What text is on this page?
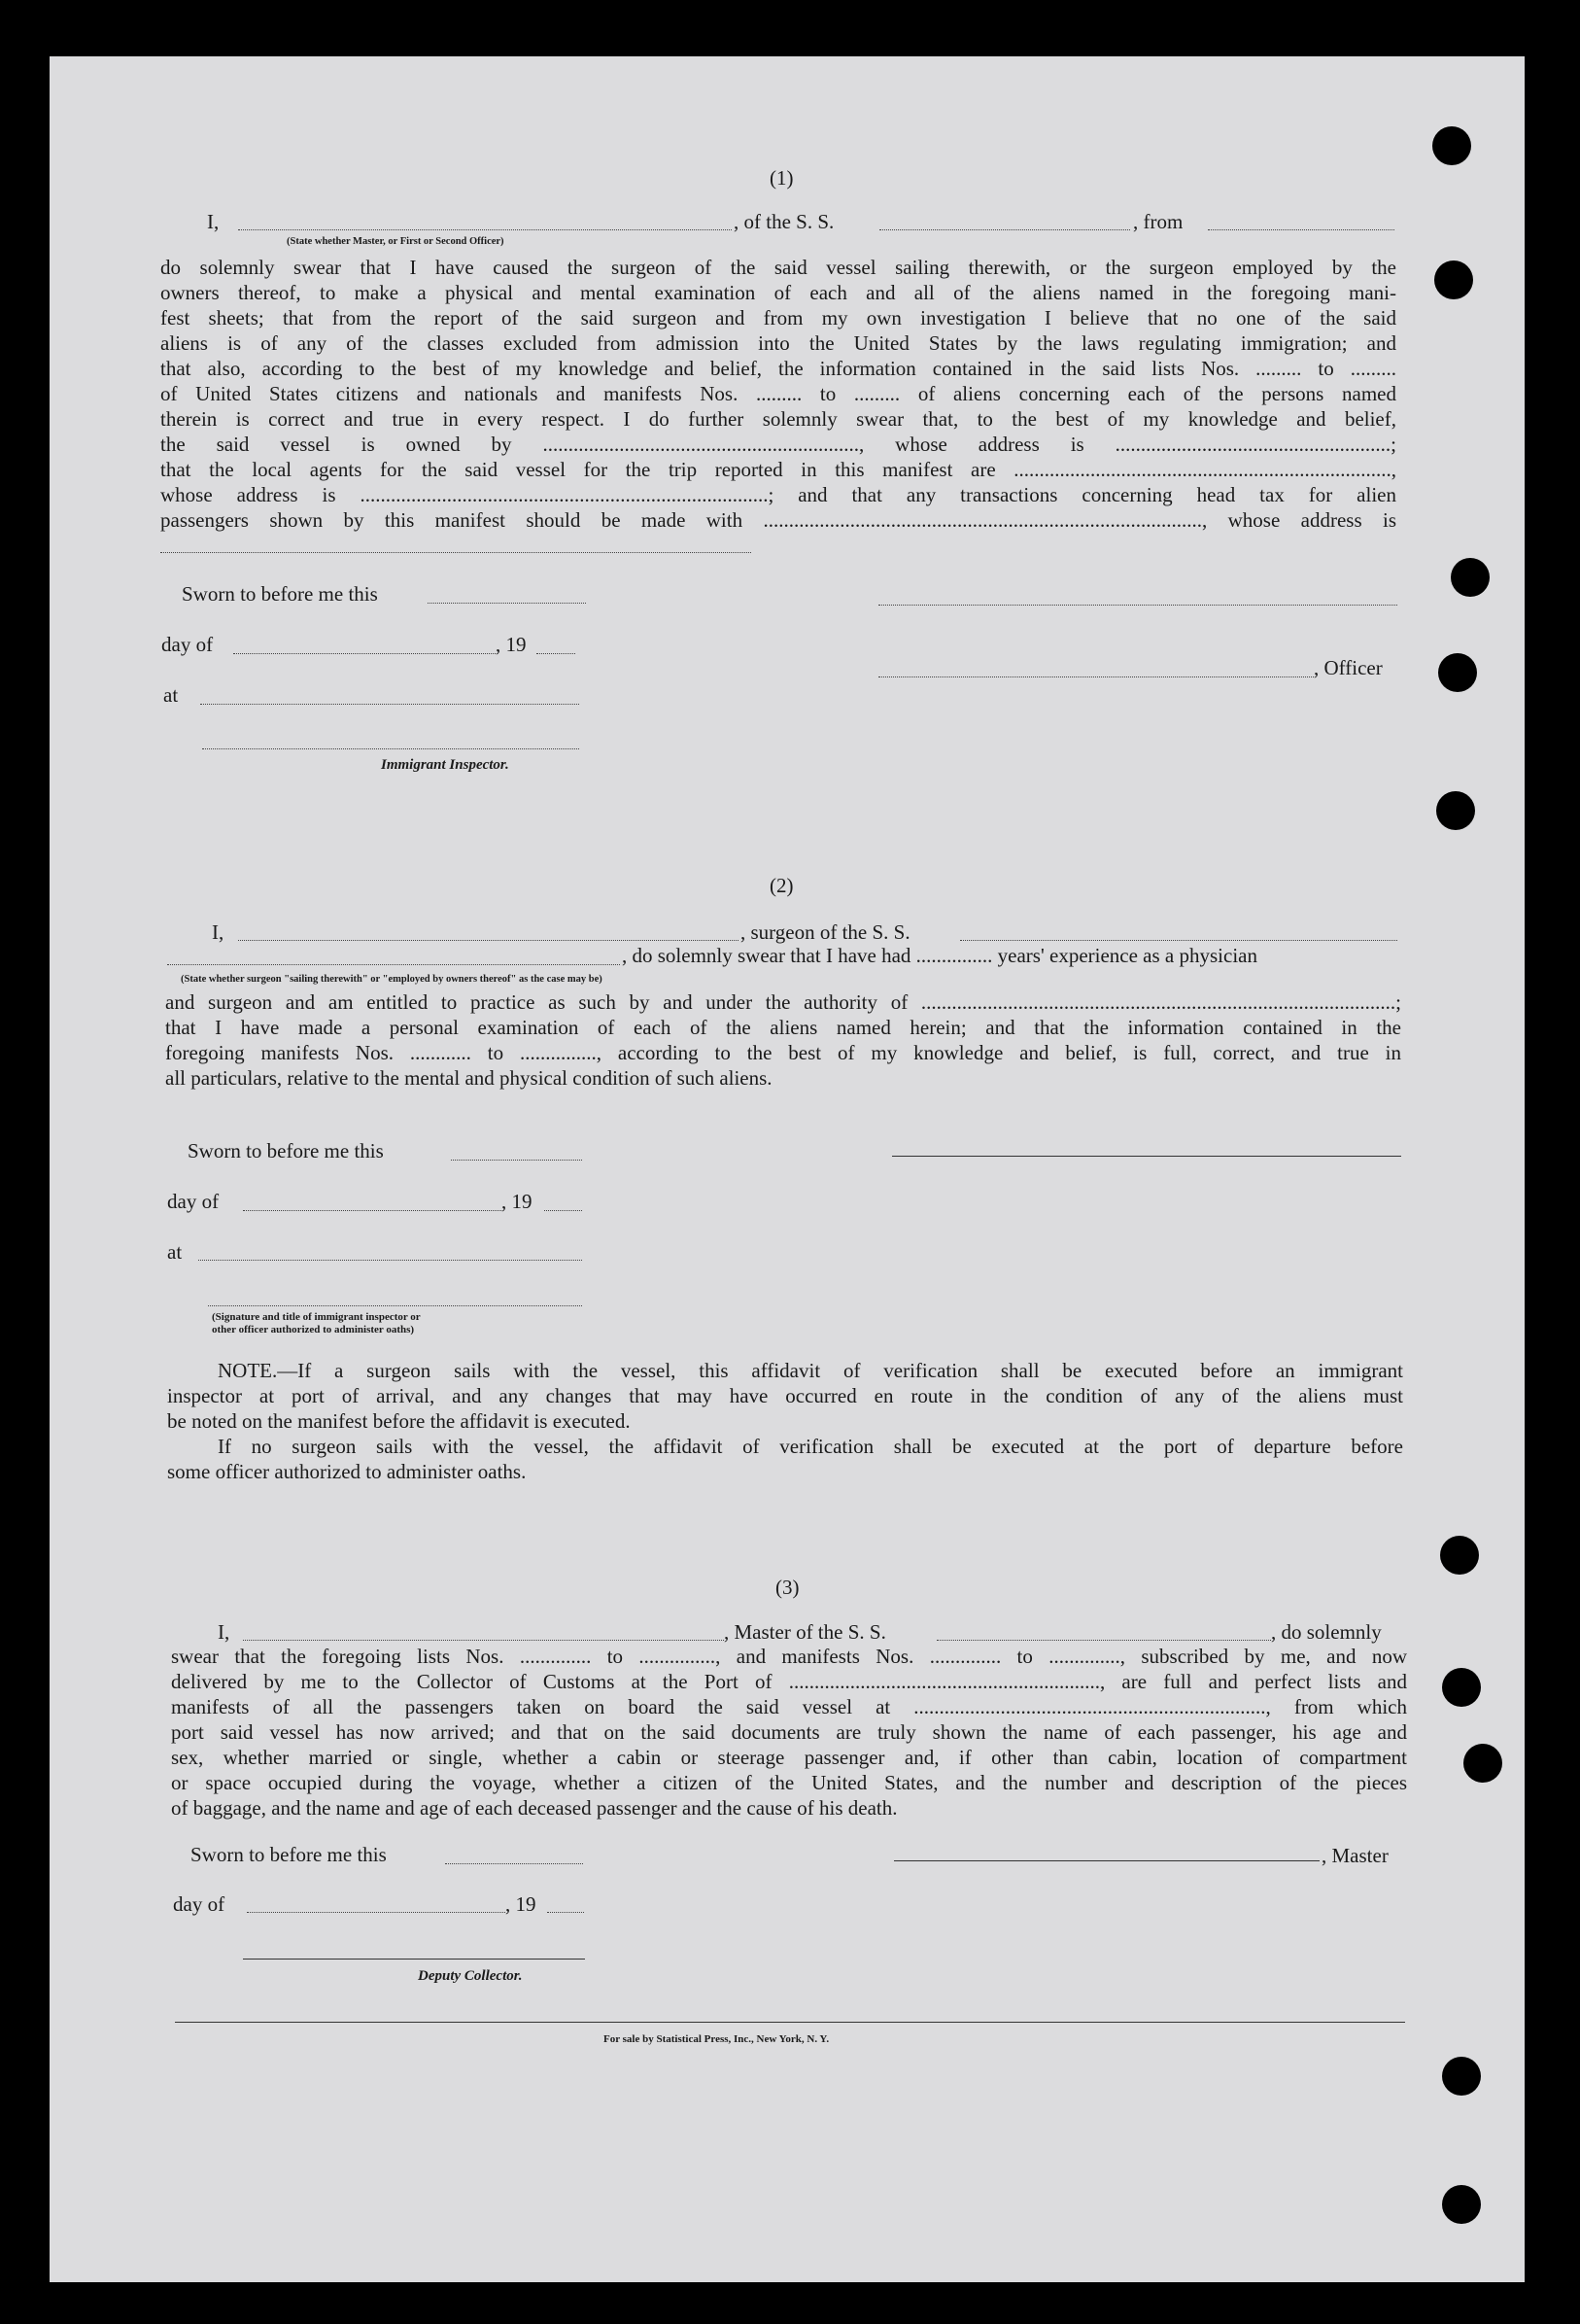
(1)
I,	, of the S. S.	, from
(State whether Master, or First or Second Officer)
do solemnly swear that I have caused the surgeon of the said vessel sailing therewith, or the surgeon employed by the
owners thereof, to make a physical and mental examination of each and all of the aliens named in the foregoing mani-
fest sheets; that from the report of the said surgeon and from my own investigation I believe that no one of the said
aliens is of any of the classes excluded from admission into the United States by the laws regulating immigration; and
that also, according to the best of my knowledge and belief, the information contained in the said lists Nos. ......... to .........
of United States citizens and nationals and manifests Nos. ......... to ......... of aliens concerning each of the persons named
therein is correct and true in every respect. I do further solemnly swear that, to the best of my knowledge and belief,
the said vessel is owned by .............................................................., whose address is ......................................................;
that the local agents for the said vessel for the trip reported in this manifest are ..........................................................................,
whose address is ................................................................................; and that any transactions concerning head tax for alien
passengers shown by this manifest should be made with ......................................................................................, whose address is
Sworn to before me this
day of	, 19
at
Immigrant Inspector.
, Officer
(2)
I,	, surgeon of the S. S.
, do solemnly swear that I have had ............... years' experience as a physician
(State whether surgeon "sailing therewith" or "employed by owners thereof" as the case may be)
and surgeon and am entitled to practice as such by and under the authority of .............................................................................................;
that I have made a personal examination of each of the aliens named herein; and that the information contained in the
foregoing manifests Nos. ............ to ..............., according to the best of my knowledge and belief, is full, correct, and true in
all particulars, relative to the mental and physical condition of such aliens.
Sworn to before me this
day of	, 19
at
(Signature and title of immigrant inspector or
other officer authorized to administer oaths)
NOTE.—If a surgeon sails with the vessel, this affidavit of verification shall be executed before an immigrant
inspector at port of arrival, and any changes that may have occurred en route in the condition of any of the aliens must
be noted on the manifest before the affidavit is executed.
If no surgeon sails with the vessel, the affidavit of verification shall be executed at the port of departure before
some officer authorized to administer oaths.
(3)
I,	, Master of the S. S.	, do solemnly
swear that the foregoing lists Nos. .............. to ..............., and manifests Nos. .............. to .............., subscribed by me, and now
delivered by me to the Collector of Customs at the Port of ............................................................., are full and perfect lists and
manifests of all the passengers taken on board the said vessel at ....................................................................., from which
port said vessel has now arrived; and that on the said documents are truly shown the name of each passenger, his age and
sex, whether married or single, whether a cabin or steerage passenger and, if other than cabin, location of compartment
or space occupied during the voyage, whether a citizen of the United States, and the number and description of the pieces
of baggage, and the name and age of each deceased passenger and the cause of his death.
Sworn to before me this	, Master
day of	, 19
Deputy Collector.
For sale by Statistical Press, Inc., New York, N. Y.
